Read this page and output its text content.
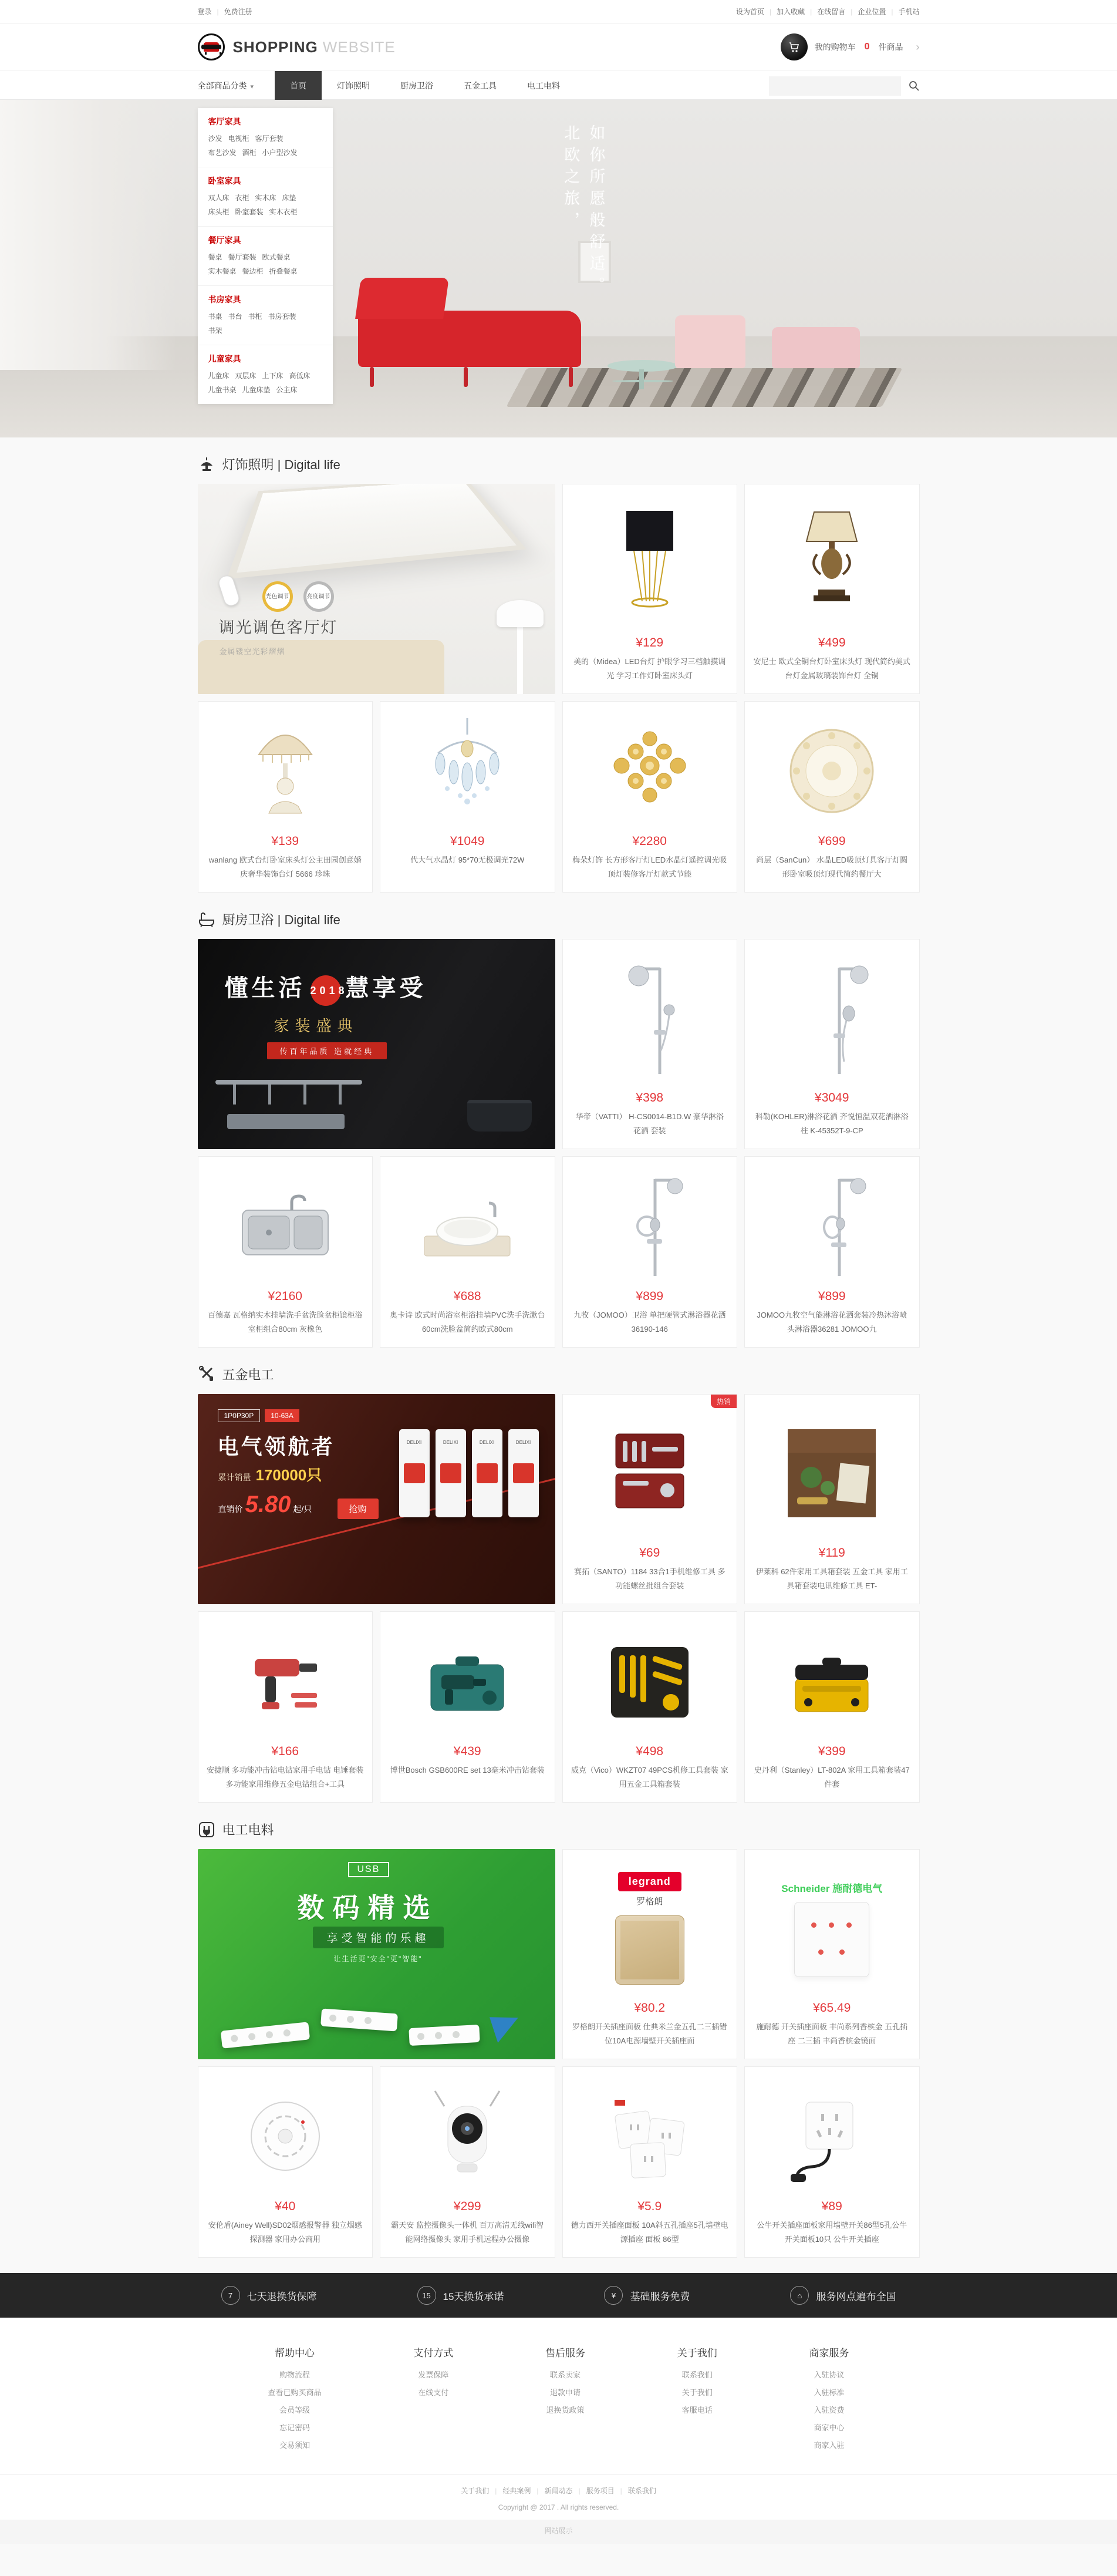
登录 | 免费注册	设为首页 | 加入收藏 | 在线留言 | 企业位置 | 手机站
SHOPPING WEBSITE	我的购物车 0 件商品 ›
全部商品分类 ▾	首页	灯饰照明	厨房卫浴	五金工具	电工电料
如你所愿般舒适。
北欧之旅，
客厅家具
沙发 电视柜 客厅套装布艺沙发 酒柜 小户型沙发
卧室家具
双人床 衣柜 实木床 床垫床头柜 卧室套装 实木衣柜
餐厅家具
餐桌 餐厅套装 欧式餐桌实木餐桌 餐边柜 折叠餐桌
书房家具
书桌 书台 书柜 书房套装书架
儿童家具
儿童床 双层床 上下床 高低床儿童书桌 儿童床垫 公主床
灯饰照明 | Digital life
光色调节	亮度调节
调光调色客厅灯
金属镂空光彩熠熠
¥129
美的（Midea）LED台灯 护眼学习三档触摸调光 学习工作灯卧室床头灯
¥499
安尼士 欧式全铜台灯卧室床头灯 现代简约美式台灯金属玻璃装饰台灯 全铜
¥139
wanlang 欧式台灯卧室床头灯公主田园创意婚庆奢华装饰台灯 5666 珍珠
¥1049
代大气水晶灯 95*70无极调光72W
¥2280
梅朵灯饰 长方形客厅灯LED水晶灯遥控调光吸顶灯装修客厅灯款式节能
¥699
尚层（SanCun） 水晶LED吸顶灯具客厅灯圆形卧室吸顶灯现代简约餐厅大
厨房卫浴 | Digital life
懂生活 2018慧享受
家装盛典
传百年品质 造就经典
¥398
华帝（VATTI） H-CS0014-B1D.W 豪华淋浴 花洒 套装
¥3049
科勒(KOHLER)淋浴花洒 齐悦恒温双花洒淋浴柱 K-45352T-9-CP
¥2160
百德嘉 瓦格纳实木挂墙洗手盆洗脸盆柜镜柜浴室柜组合80cm 灰橡色
¥688
奥卡诗 欧式时尚浴室柜浴挂墙PVC洗手洗漱台60cm洗脸盆简约欧式80cm
¥899
九牧（JOMOO）卫浴 单把硬管式淋浴器花洒36190-146
¥899
JOMOO九牧空气能淋浴花洒套装冷热沐浴喷头淋浴器36281 JOMOO九
五金电工
1P0P30P	10-63A
电气领航者
累计销量 170000只
直销价 5.80 起/只	抢购
DELIXI
DELIXI
DELIXI
DELIXI
热销
¥69
赛拓（SANTO）1184 33合1手机维修工具 多功能螺丝批组合套装
¥119
伊莱科 62件家用工具箱套装 五金工具 家用工具箱套装电讯维修工具 ET-
¥166
安捷顺 多功能冲击钻电钻家用手电钻 电锤套装多功能家用维修五金电钻组合+工具
¥439
博世Bosch GSB600RE set 13毫米冲击钻套装
¥498
威克（Vico）WKZT07 49PCS机修工具套装 家用五金工具箱套装
¥399
史丹利（Stanley）LT-802A 家用工具箱套装47件套
电工电料
USB
数码精选
享受智能的乐趣
让生活更"安全"更"智能"
legrand
罗格朗
¥80.2
罗格朗开关插座面板 仕典米兰金五孔二三插错位10A电源墙壁开关插座面
Schneider 施耐德电气
¥65.49
施耐德 开关插座面板 丰尚系列香槟金 五孔插座 二三插 丰尚香槟金镜面
¥40
安伦盾(Ainey Well)SD02烟感报警器 独立烟感探测器 家用办公商用
¥299
霸天安 监控摄像头一体机 百万高清无线wifi智能网络摄像头 家用手机远程办公摄像
¥5.9
德力西开关插座面板 10A斜五孔插座5孔墙壁电源插座 面板 86型
¥89
公牛开关插座面板家用墙壁开关86型5孔公牛开关面板10只 公牛开关插座
7	七天退换货保障	15	15天换货承诺	¥	基础服务免费	⌂	服务网点遍布全国
帮助中心
购物流程
查看已购买商品
会员等级
忘记密码
交易须知
支付方式
发票保障
在线支付
售后服务
联系卖家
退款申请
退换货政策
关于我们
联系我们
关于我们
客服电话
商家服务
入驻协议
入驻标准
入驻资费
商家中心
商家入驻
关于我们 | 经典案例 | 新闻动态 | 服务项目 | 联系我们
Copyright @ 2017 . All rights reserved.
网站展示
